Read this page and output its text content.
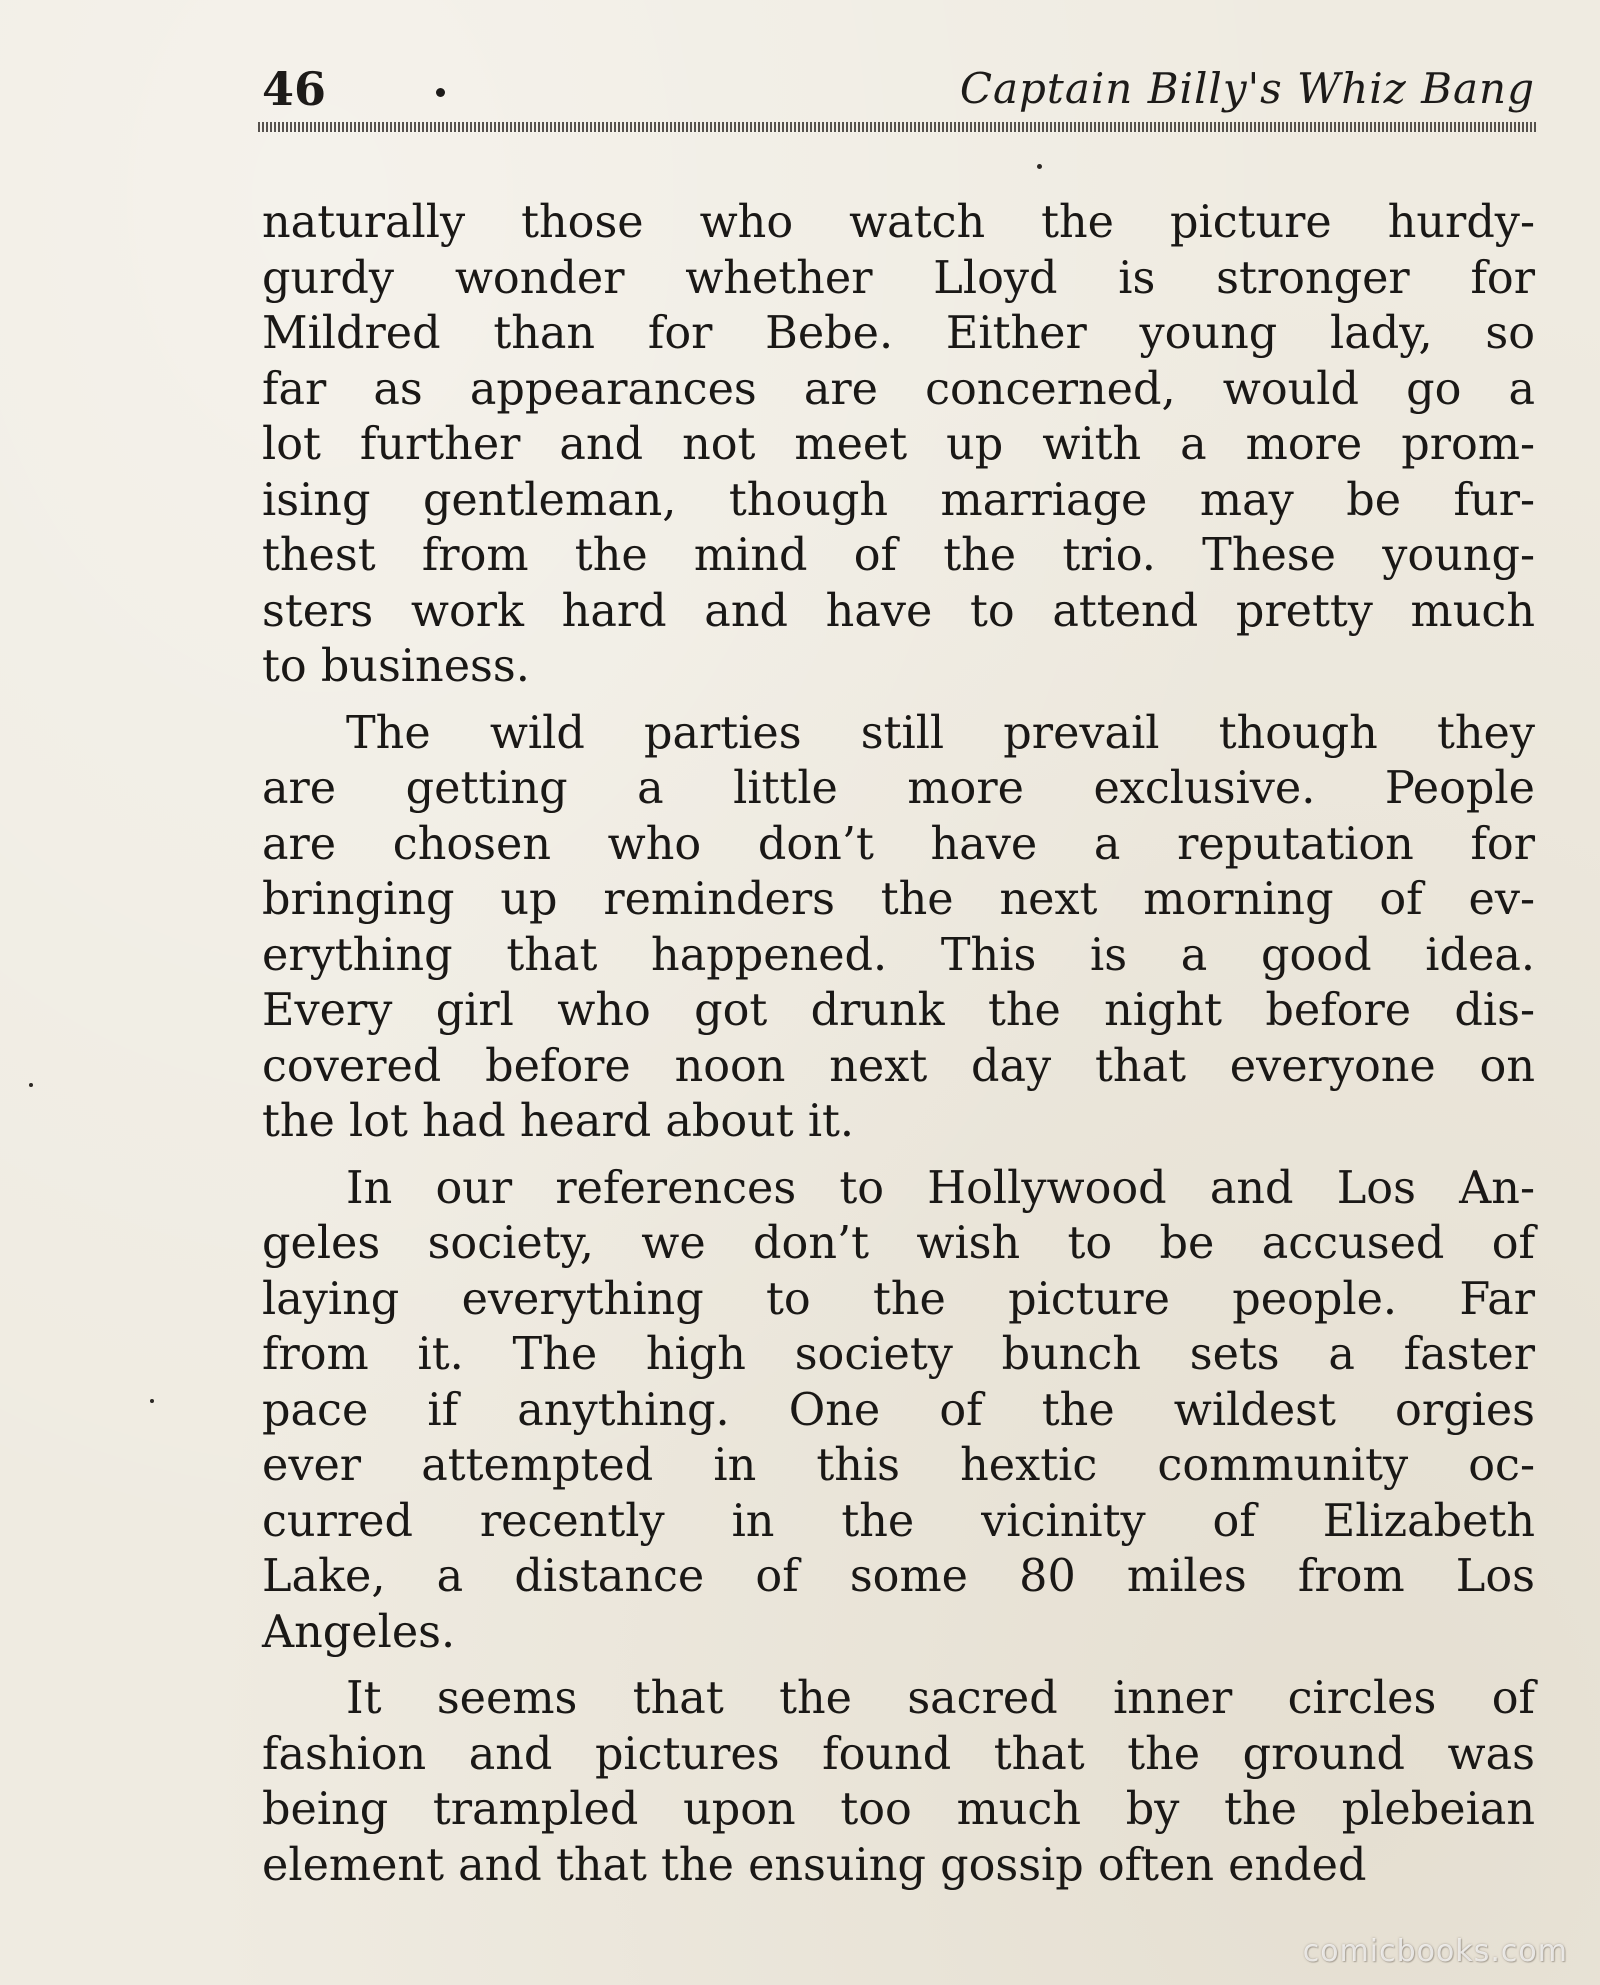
46	Captain Billy's Whiz Bang
naturally those who watch the picture hurdy-
gurdy wonder whether Lloyd is stronger for
Mildred than for Bebe. Either young lady, so
far as appearances are concerned, would go a
lot further and not meet up with a more prom-
ising gentleman, though marriage may be fur-
thest from the mind of the trio. These young-
sters work hard and have to attend pretty much
to business.
The wild parties still prevail though they
are getting a little more exclusive. People
are chosen who don’t have a reputation for
bringing up reminders the next morning of ev-
erything that happened. This is a good idea.
Every girl who got drunk the night before dis-
covered before noon next day that everyone on
the lot had heard about it.
In our references to Hollywood and Los An-
geles society, we don’t wish to be accused of
laying everything to the picture people. Far
from it. The high society bunch sets a faster
pace if anything. One of the wildest orgies
ever attempted in this hextic community oc-
curred recently in the vicinity of Elizabeth
Lake, a distance of some 80 miles from Los
Angeles.
It seems that the sacred inner circles of
fashion and pictures found that the ground was
being trampled upon too much by the plebeian
element and that the ensuing gossip often ended
comicbooks.com
